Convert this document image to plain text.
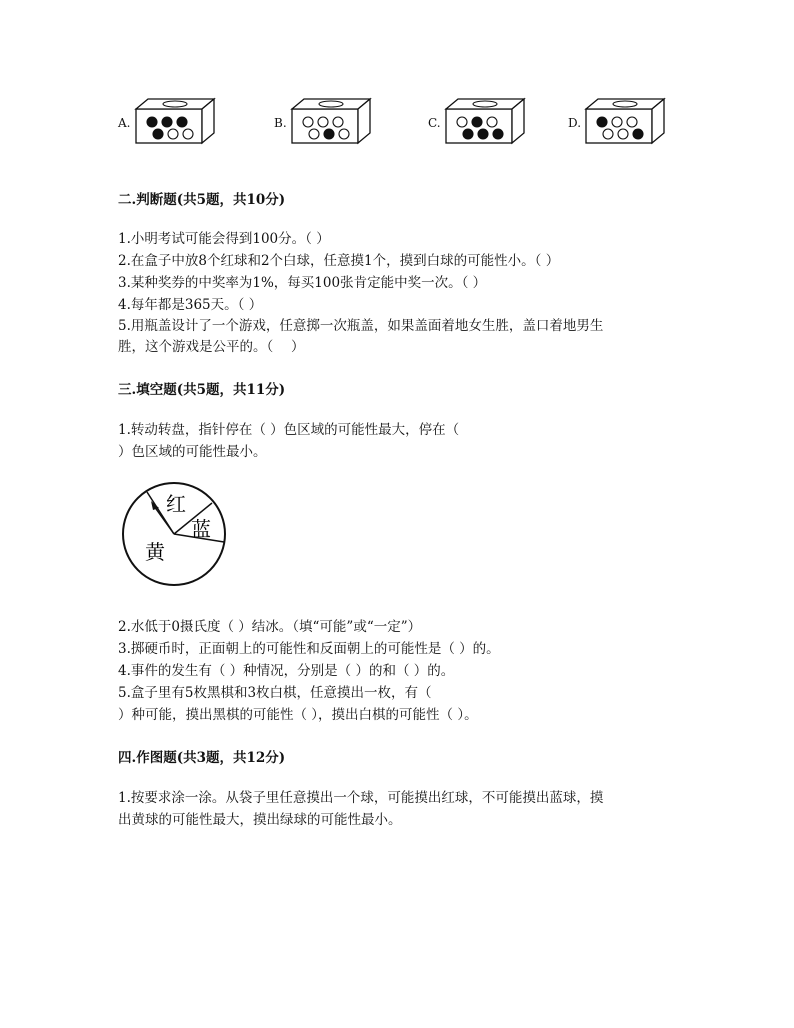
A.	B.	C.	D.
二.判断题(共5题，共10分)
1.小明考试可能会得到100分。（ ）
2.在盒子中放8个红球和2个白球，任意摸1个，摸到白球的可能性小。（ ）
3.某种奖券的中奖率为1%，每买100张肯定能中奖一次。（ ）
4.每年都是365天。（ ）
5.用瓶盖设计了一个游戏，任意掷一次瓶盖，如果盖面着地女生胜，盖口着地男生
胜，这个游戏是公平的。（　 ）
三.填空题(共5题，共11分)
1.转动转盘，指针停在（ ）色区域的可能性最大，停在（
）色区域的可能性最小。
红
蓝
黄
2.水低于0摄氏度（ ）结冰。（填“可能”或“一定”）
3.掷硬币时，正面朝上的可能性和反面朝上的可能性是（ ）的。
4.事件的发生有（ ）种情况，分别是（ ）的和（ ）的。
5.盒子里有5枚黑棋和3枚白棋，任意摸出一枚，有（
）种可能，摸出黑棋的可能性（ ），摸出白棋的可能性（ ）。
四.作图题(共3题，共12分)
1.按要求涂一涂。从袋子里任意摸出一个球，可能摸出红球，不可能摸出蓝球，摸
出黄球的可能性最大，摸出绿球的可能性最小。
